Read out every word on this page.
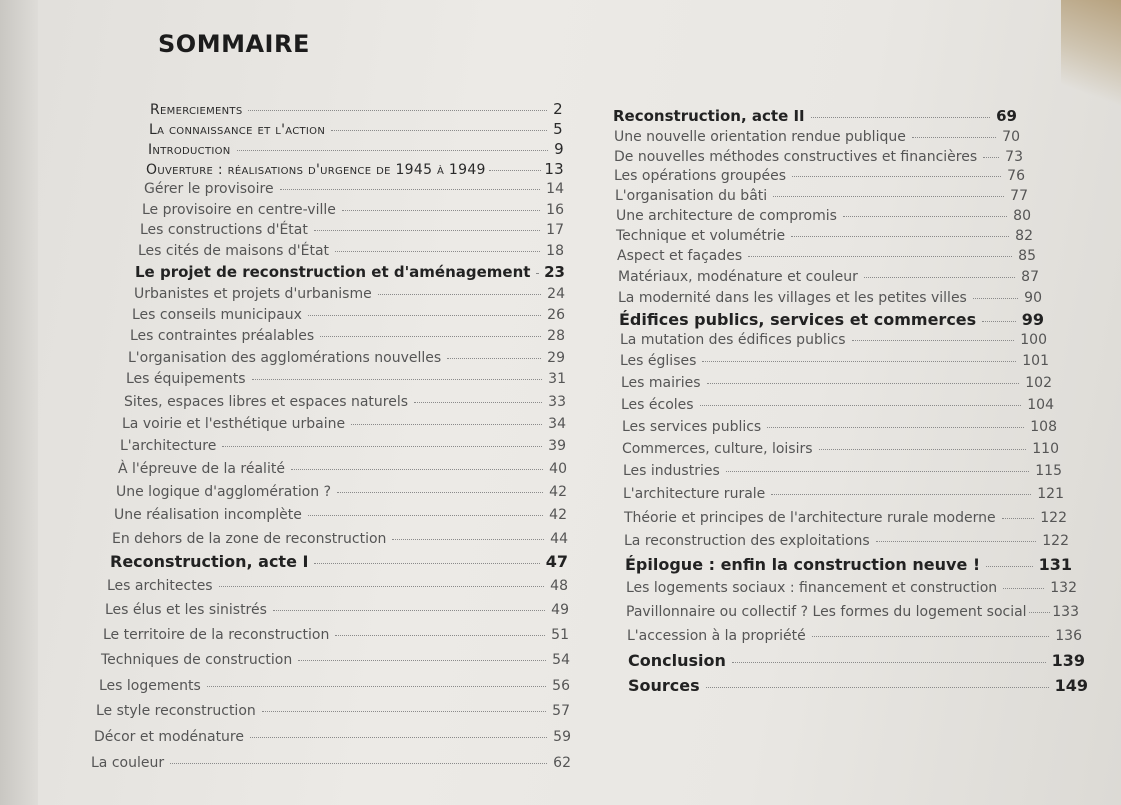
SOMMAIRE
Remerciements	2
La connaissance et l'action	5
Introduction	9
Ouverture : réalisations d'urgence de 1945 à 1949	13
Gérer le provisoire	14
Le provisoire en centre-ville	16
Les constructions d'État	17
Les cités de maisons d'État	18
Le projet de reconstruction et d'aménagement 23
Urbanistes et projets d'urbanisme	24
Les conseils municipaux	26
Les contraintes préalables	28
L'organisation des agglomérations nouvelles	29
Les équipements	31
Sites, espaces libres et espaces naturels	33
La voirie et l'esthétique urbaine	34
L'architecture	39
À l'épreuve de la réalité	40
Une logique d'agglomération ?	42
Une réalisation incomplète	42
En dehors de la zone de reconstruction	44
Reconstruction, acte I	47
Les architectes	48
Les élus et les sinistrés	49
Le territoire de la reconstruction	51
Techniques de construction	54
Les logements	56
Le style reconstruction	57
Décor et modénature	59
La couleur	62
Reconstruction, acte II	69
Une nouvelle orientation rendue publique	70
De nouvelles méthodes constructives et financières 73
Les opérations groupées	76
L'organisation du bâti	77
Une architecture de compromis	80
Technique et volumétrie	82
Aspect et façades	85
Matériaux, modénature et couleur	87
La modernité dans les villages et les petites villes	90
Édifices publics, services et commerces	99
La mutation des édifices publics	100
Les églises	101
Les mairies	102
Les écoles	104
Les services publics	108
Commerces, culture, loisirs	110
Les industries	115
L'architecture rurale	121
Théorie et principes de l'architecture rurale moderne	122
La reconstruction des exploitations	122
Épilogue : enfin la construction neuve !	131
Les logements sociaux : financement et construction	132
Pavillonnaire ou collectif ? Les formes du logement social 133
L'accession à la propriété	136
Conclusion	139
Sources	149
